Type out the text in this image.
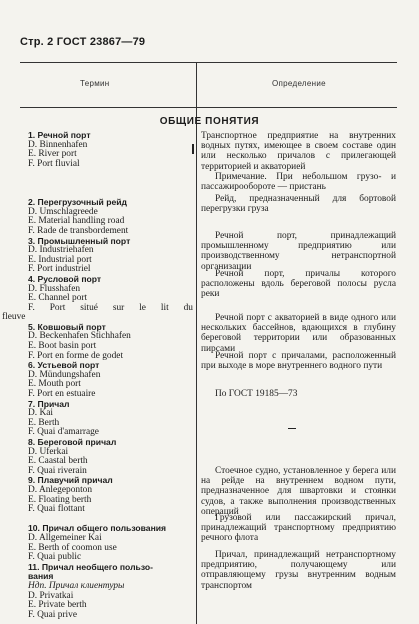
Стр. 2 ГОСТ 23867—79
Термин	Определение
ОБЩИЕ ПОНЯТИЯ
1. Речной порт
D. Binnenhafen
E. River port
F. Port fluvial
2. Перегрузочный рейд
D. Umschlagreede
E. Material handling road
F. Rade de transbordement
3. Промышленный порт
D. Industriehafen
E. Industrial port
F. Port industriel
4. Русловой порт
D. Flusshafen
E. Channel port
F. Port situé sur le lit du
fleuve
5. Ковшовый порт
D. Beckenhafen Stichhafen
E. Boot basin port
F. Port en forme de godet
6. Устьевой порт
D. Mündungshafen
E. Mouth port
F. Port en estuaire
7. Причал
D. Kai
E. Berth
F. Quai d'amarrage
8. Береговой причал
D. Uferkai
E. Caastal berth
F. Quai riverain
9. Плавучий причал
D. Anlegeponton
E. Floating berth
F. Quai flottant
10. Причал общего пользования
D. Allgemeiner Kai
E. Berth of coomon use
F. Quai public
11. Причал необщего пользо-
вания
Ндп. Причал клиентуры
D. Privatkai
E. Private berth
F. Quai prive

Транспортное предприятие на внутренних водных путях, имеющее в своем составе один или несколько причалов с прилегающей территорией и акваторией

Примечание. При небольшом грузо- и пассажирообороте — пристань

Рейд, предназначенный для бортовой перегрузки груза
Речной порт, принадлежащий промышленному предприятию или производственному нетранспортной организации
Речной порт, причалы которого расположены вдоль береговой полосы русла реки
Речной порт с акваторией в виде одного или нескольких бассейнов, вдающихся в глубину береговой территории или образованных пирсами
Речной порт с причалами, расположенный при выходе в море внутреннего водного пути
По ГОСТ 19185—73
Стоечное судно, установленное у берега или на рейде на внутреннем водном пути, предназначенное для швартовки и стоянки судов, а также выполнения производственных операций
Грузовой или пассажирский причал, принадлежащий транспортному предприятию речного флота
Причал, принадлежащий нетранспортному предприятию, получающему или отправляющему грузы внутренним водным транспортом
